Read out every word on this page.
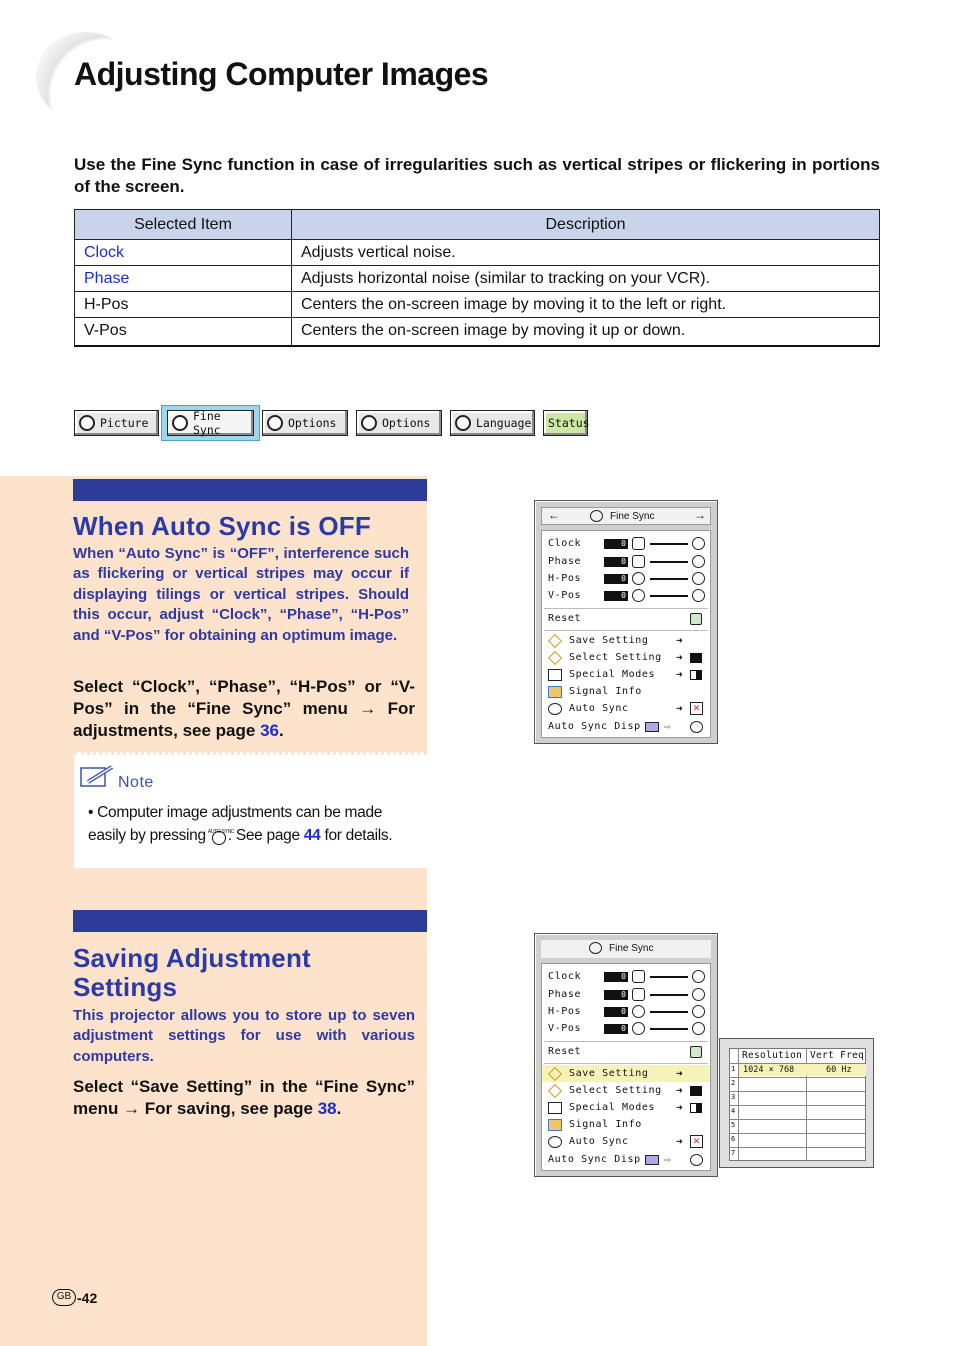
Adjusting Computer Images

Use the Fine Sync function in case of irregularities such as vertical stripes or flickering in portions of the screen.

Selected Item	Description
Clock	Adjusts vertical noise.
Phase	Adjusts horizontal noise (similar to tracking on your VCR).
H-Pos	Centers the on-screen image by moving it to the left or right.
V-Pos	Centers the on-screen image by moving it up or down.
Picture	Fine Sync	Options	Options	Language Status
When Auto Sync is OFF

When “Auto Sync” is “OFF”, interference such as flickering or vertical stripes may occur if displaying tilings or vertical stripes. Should this occur, adjust “Clock”, “Phase”, “H-Pos” and “V-Pos” for obtaining an optimum image.

Select “Clock”, “Phase”, “H-Pos” or “V-Pos” in the “Fine Sync” menu → For adjustments, see page 36.

Note
• Computer image adjustments can be made easily by pressing
AUTO SYNC
. See page 44 for details.
Saving Adjustment
Settings

This projector allows you to store up to seven adjustment settings for use with various computers.

Select “Save Setting” in the “Fine Sync” menu → For saving, see page 38.

GB -42
←	Fine Sync	→
Clock	0
Phase	0
H-Pos	0
V-Pos	0
Reset
Save Setting	➜
Select Setting ➜
Special Modes ➜
Signal Info
Auto Sync	➜ ✕
Auto Sync Disp ⇨
Fine Sync
Clock	0
Phase	0
H-Pos	0
V-Pos	0
Reset
Save Setting	➜
Select Setting ➜
Special Modes ➜
Signal Info
Auto Sync	➜ ✕
Auto Sync Disp ⇨
Resolution Vert Freq
1 1024 × 768	60 Hz
2
3
4
5
6
7
